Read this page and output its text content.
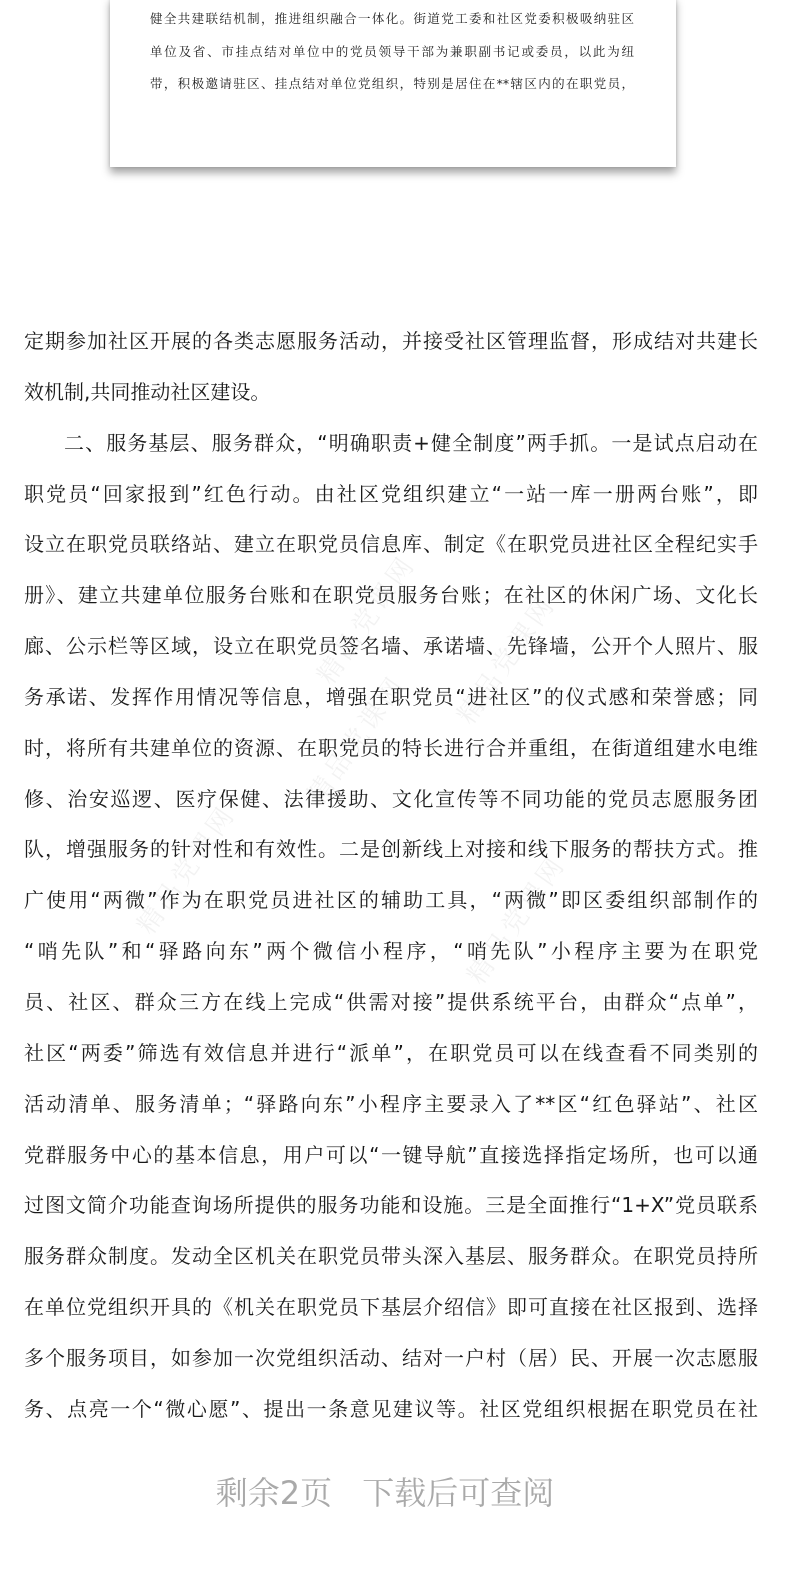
健全共建联结机制，推进组织融合一体化。街道党工委和社区党委积极吸纳驻区
单位及省、市挂点结对单位中的党员领导干部为兼职副书记或委员，以此为纽
带，积极邀请驻区、挂点结对单位党组织，特别是居住在**辖区内的在职党员，
精品党课网 精品党课网
精品党课网
精品党课网
精品党课网
定期参加社区开展的各类志愿服务活动，并接受社区管理监督，形成结对共建长
效机制,共同推动社区建设。
二、服务基层、服务群众，“明确职责+健全制度”两手抓。一是试点启动在
职党员“回家报到”红色行动。由社区党组织建立“一站一库一册两台账”，即
设立在职党员联络站、建立在职党员信息库、制定《在职党员进社区全程纪实手
册》、建立共建单位服务台账和在职党员服务台账；在社区的休闲广场、文化长
廊、公示栏等区域，设立在职党员签名墙、承诺墙、先锋墙，公开个人照片、服
务承诺、发挥作用情况等信息，增强在职党员“进社区”的仪式感和荣誉感；同
时，将所有共建单位的资源、在职党员的特长进行合并重组，在街道组建水电维
修、治安巡逻、医疗保健、法律援助、文化宣传等不同功能的党员志愿服务团
队，增强服务的针对性和有效性。二是创新线上对接和线下服务的帮扶方式。推
广使用“两微”作为在职党员进社区的辅助工具，“两微”即区委组织部制作的
“哨先队”和“驿路向东”两个微信小程序，“哨先队”小程序主要为在职党
员、社区、群众三方在线上完成“供需对接”提供系统平台，由群众“点单”，
社区“两委”筛选有效信息并进行“派单”，在职党员可以在线查看不同类别的
活动清单、服务清单；“驿路向东”小程序主要录入了**区“红色驿站”、社区
党群服务中心的基本信息，用户可以“一键导航”直接选择指定场所，也可以通
过图文简介功能查询场所提供的服务功能和设施。三是全面推行“1+X”党员联系
服务群众制度。发动全区机关在职党员带头深入基层、服务群众。在职党员持所
在单位党组织开具的《机关在职党员下基层介绍信》即可直接在社区报到、选择
多个服务项目，如参加一次党组织活动、结对一户村（居）民、开展一次志愿服
务、点亮一个“微心愿”、提出一条意见建议等。社区党组织根据在职党员在社
剩余2页 下载后可查阅
